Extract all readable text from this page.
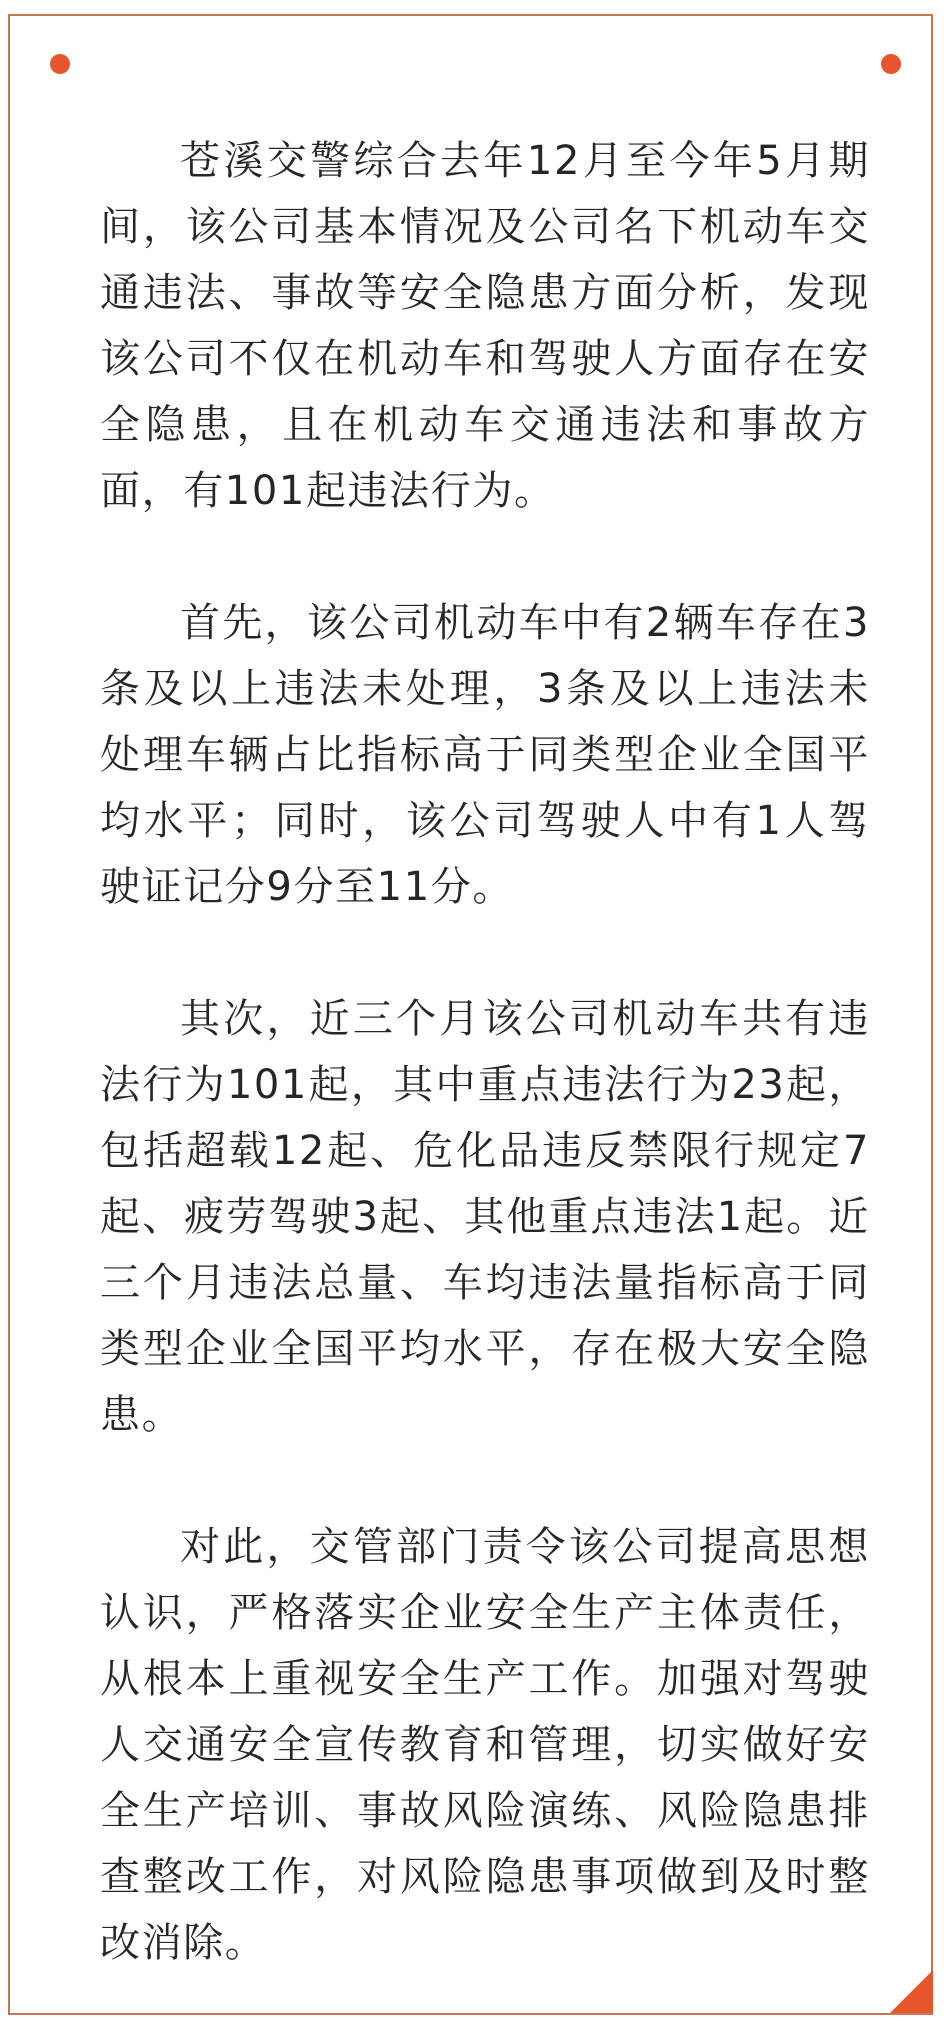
苍溪交警综合去年12月至今年5月期间，该公司基本情况及公司名下机动车交通违法、事故等安全隐患方面分析，发现该公司不仅在机动车和驾驶人方面存在安全隐患，且在机动车交通违法和事故方面，有101起违法行为。

首先，该公司机动车中有2辆车存在3条及以上违法未处理，3条及以上违法未处理车辆占比指标高于同类型企业全国平均水平；同时，该公司驾驶人中有1人驾驶证记分9分至11分。

其次，近三个月该公司机动车共有违法行为101起，其中重点违法行为23起，包括超载12起、危化品违反禁限行规定7起、疲劳驾驶3起、其他重点违法1起。近三个月违法总量、车均违法量指标高于同类型企业全国平均水平，存在极大安全隐患。

对此，交管部门责令该公司提高思想认识，严格落实企业安全生产主体责任，从根本上重视安全生产工作。加强对驾驶人交通安全宣传教育和管理，切实做好安全生产培训、事故风险演练、风险隐患排查整改工作，对风险隐患事项做到及时整改消除。
